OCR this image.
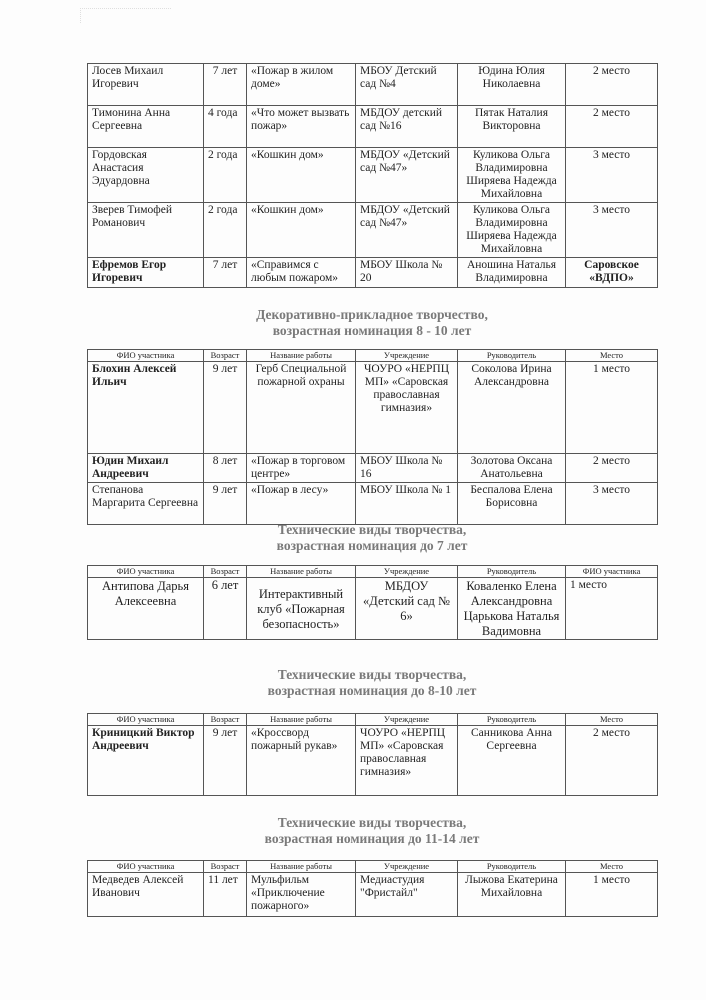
Лосев Михаил Игоревич	7 лет	«Пожар в жилом доме»	МБОУ Детский сад №4	Юдина Юлия Николаевна	2 место
Тимонина Анна Сергеевна	4 года	«Что может вызвать пожар»	МБДОУ детский сад №16	Пятак Наталия Викторовна	2 место
Гордовская Анастасия Эдуардовна	2 года	«Кошкин дом»	МБДОУ «Детский сад №47»	Куликова Ольга Владимировна Ширяева Надежда Михайловна	3 место
Зверев Тимофей Романович	2 года	«Кошкин дом»	МБДОУ «Детский сад №47»	Куликова Ольга Владимировна Ширяева Надежда Михайловна	3 место
Ефремов Егор Игоревич	7 лет	«Справимся с любым пожаром»	МБОУ Школа № 20	Аношина Наталья Владимировна	Саровское «ВДПО»
Декоративно-прикладное творчество,
возрастная номинация 8 - 10 лет
ФИО участника	Возраст	Название работы	Учреждение	Руководитель	Место
Блохин Алексей Ильич	9 лет	Герб Специальной пожарной охраны	ЧОУРО «НЕРПЦ МП» «Саровская православная гимназия»	Соколова Ирина Александровна	1 место
Юдин Михаил Андреевич	8 лет	«Пожар в торговом центре»	МБОУ Школа № 16	Золотова Оксана Анатольевна	2 место
Степанова Маргарита Сергеевна	9 лет	«Пожар в лесу»	МБОУ Школа № 1	Беспалова Елена Борисовна	3 место
Технические виды творчества,
возрастная номинация до 7 лет
ФИО участника	Возраст	Название работы	Учреждение	Руководитель	ФИО участника
Антипова Дарья Алексеевна	6 лет	Интерактивный клуб «Пожарная безопасность»	МБДОУ «Детский сад № 6»	Коваленко Елена Александровна Царькова Наталья Вадимовна	1 место
Технические виды творчества,
возрастная номинация до 8-10 лет
ФИО участника	Возраст	Название работы	Учреждение	Руководитель	Место
Криницкий Виктор Андреевич	9 лет	«Кроссворд пожарный рукав»	ЧОУРО «НЕРПЦ МП» «Саровская православная гимназия»	Санникова Анна Сергеевна	2 место
Технические виды творчества,
возрастная номинация до 11-14 лет
ФИО участника	Возраст	Название работы	Учреждение	Руководитель	Место
Медведев Алексей Иванович	11 лет	Мульфильм «Приключение пожарного»	Медиастудия "Фристайл"	Лыжова Екатерина Михайловна	1 место
